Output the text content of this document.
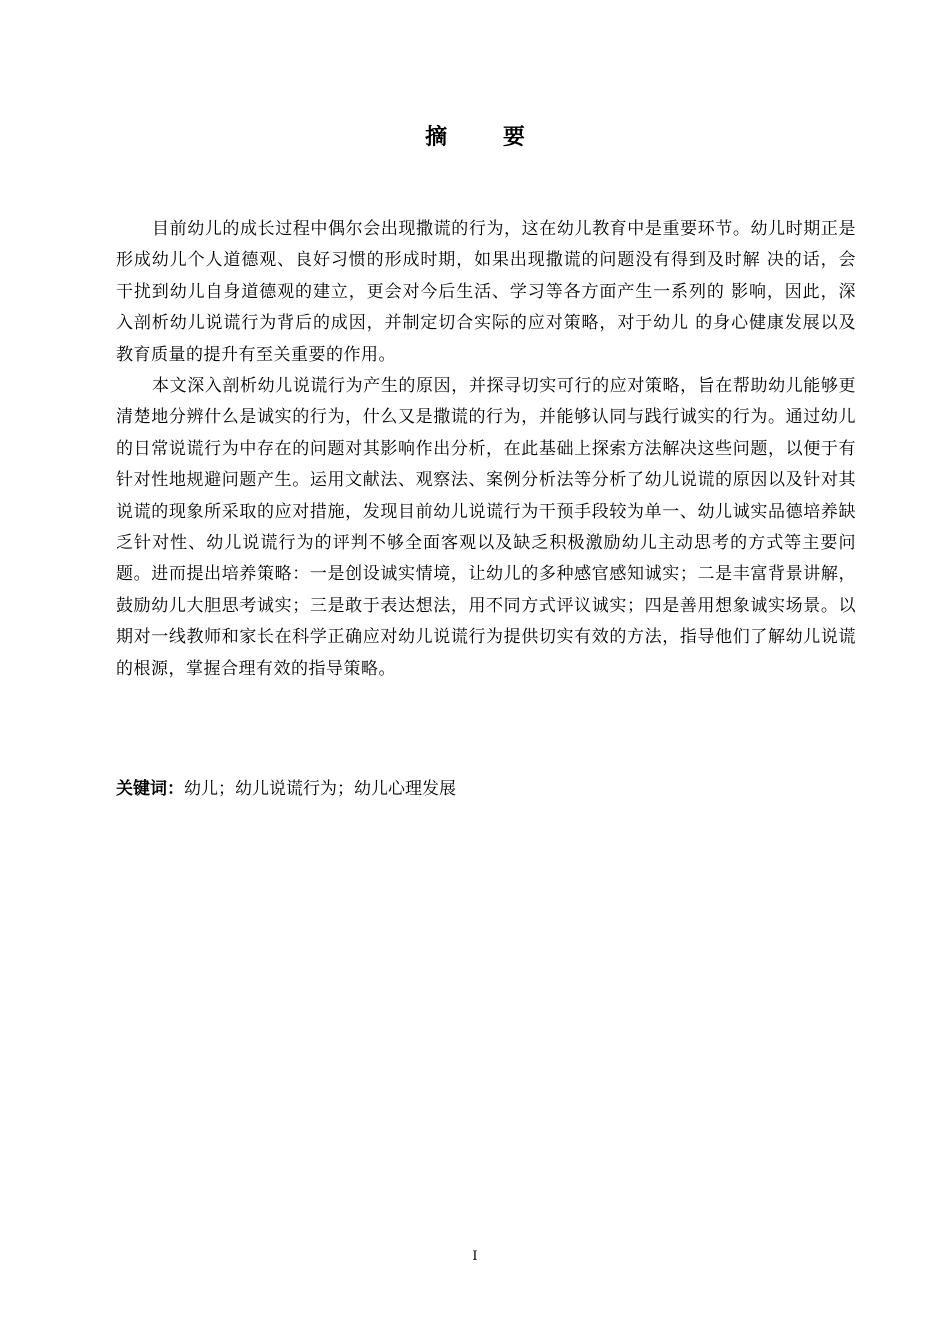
摘 要

目前幼儿的成长过程中偶尔会出现撒谎的行为，这在幼儿教育中是重要环节。幼儿时期正是形成幼儿个人道德观、良好习惯的形成时期，如果出现撒谎的问题没有得到及时解 决的话，会干扰到幼儿自身道德观的建立，更会对今后生活、学习等各方面产生一系列的 影响，因此，深入剖析幼儿说谎行为背后的成因，并制定切合实际的应对策略，对于幼儿 的身心健康发展以及教育质量的提升有至关重要的作用。

本文深入剖析幼儿说谎行为产生的原因，并探寻切实可行的应对策略，旨在帮助幼儿能够更清楚地分辨什么是诚实的行为，什么又是撒谎的行为，并能够认同与践行诚实的行为。通过幼儿的日常说谎行为中存在的问题对其影响作出分析，在此基础上探索方法解决这些问题，以便于有针对性地规避问题产生。运用文献法、观察法、案例分析法等分析了幼儿说谎的原因以及针对其说谎的现象所采取的应对措施，发现目前幼儿说谎行为干预手段较为单一、幼儿诚实品德培养缺乏针对性、幼儿说谎行为的评判不够全面客观以及缺乏积极激励幼儿主动思考的方式等主要问题。进而提出培养策略：一是创设诚实情境，让幼儿的多种感官感知诚实；二是丰富背景讲解，鼓励幼儿大胆思考诚实；三是敢于表达想法，用不同方式评议诚实；四是善用想象诚实场景。以期对一线教师和家长在科学正确应对幼儿说谎行为提供切实有效的方法，指导他们了解幼儿说谎的根源，掌握合理有效的指导策略。

关键词：幼儿；幼儿说谎行为；幼儿心理发展
I
